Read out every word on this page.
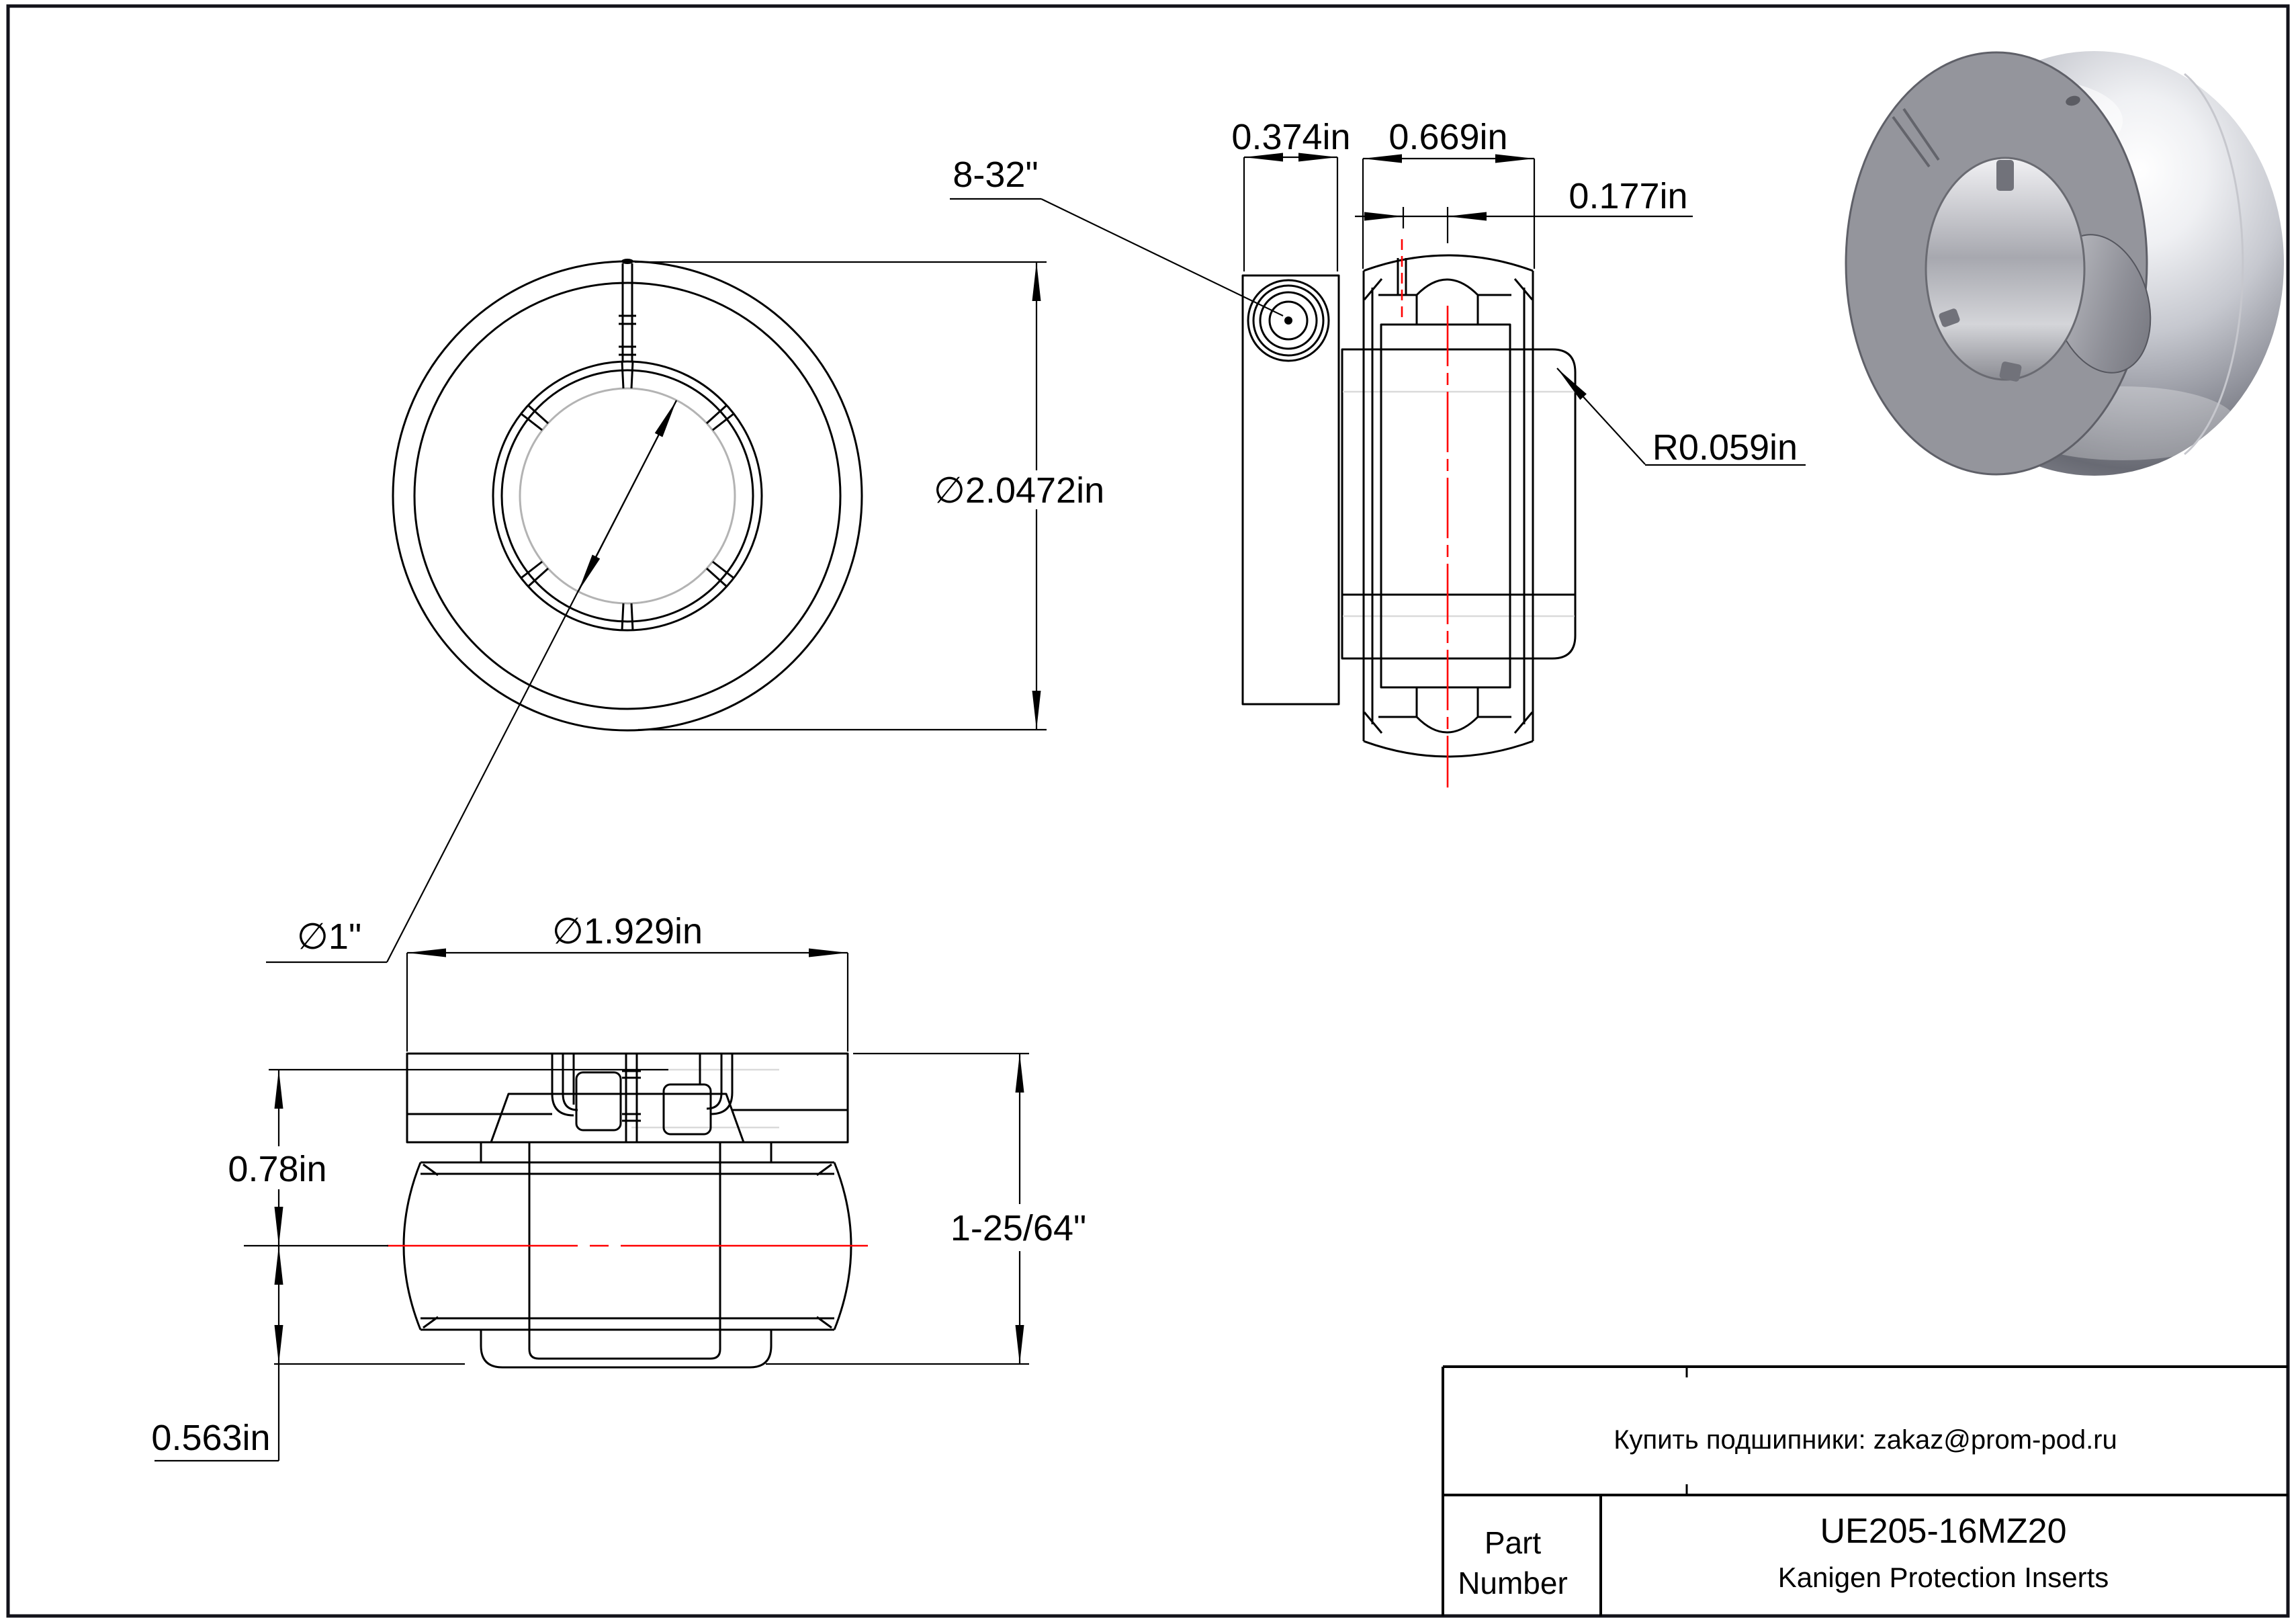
∅1"
∅2.0472in
8-32"
0.374in 0.669in
0.177in
R0.059in
∅1.929in
0.78in
0.563in
1-25/64"
Купить подшипники: zakaz@prom-pod.ru
Part
Number
UE205-16MZ20
Kanigen Protection Inserts
